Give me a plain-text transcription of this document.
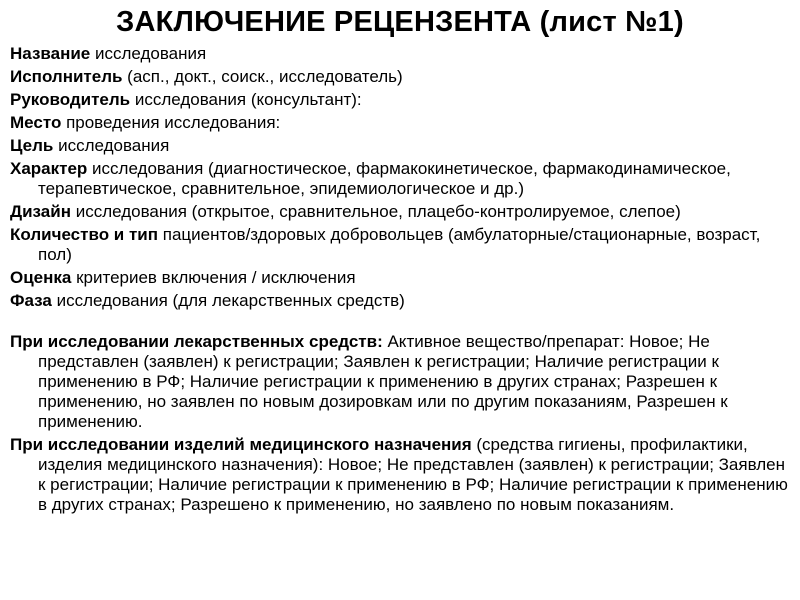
ЗАКЛЮЧЕНИЕ РЕЦЕНЗЕНТА (лист №1)

Название исследования

Исполнитель (асп., докт., соиск., исследователь)

Руководитель исследования (консультант):

Место проведения исследования:

Цель исследования

Характер исследования (диагностическое, фармакокинетическое, фармакодинамическое, терапевтическое, сравнительное, эпидемиологическое и др.)

Дизайн исследования (открытое, сравнительное, плацебо-контролируемое, слепое)

Количество и тип пациентов/здоровых добровольцев (амбулаторные/стационарные, возраст, пол)

Оценка критериев включения / исключения

Фаза исследования (для лекарственных средств)

При исследовании лекарственных средств: Активное вещество/препарат: Новое; Не представлен (заявлен) к регистрации; Заявлен к регистрации; Наличие регистрации к применению в РФ; Наличие регистрации к применению в других странах; Разрешен к применению, но заявлен по новым дозировкам или по другим показаниям, Разрешен к применению.

При исследовании изделий медицинского назначения (средства гигиены, профилактики, изделия медицинского назначения): Новое; Не представлен (заявлен) к регистрации; Заявлен к регистрации; Наличие регистрации к применению в РФ; Наличие регистрации к применению в других странах; Разрешено к применению, но заявлено по новым показаниям.
